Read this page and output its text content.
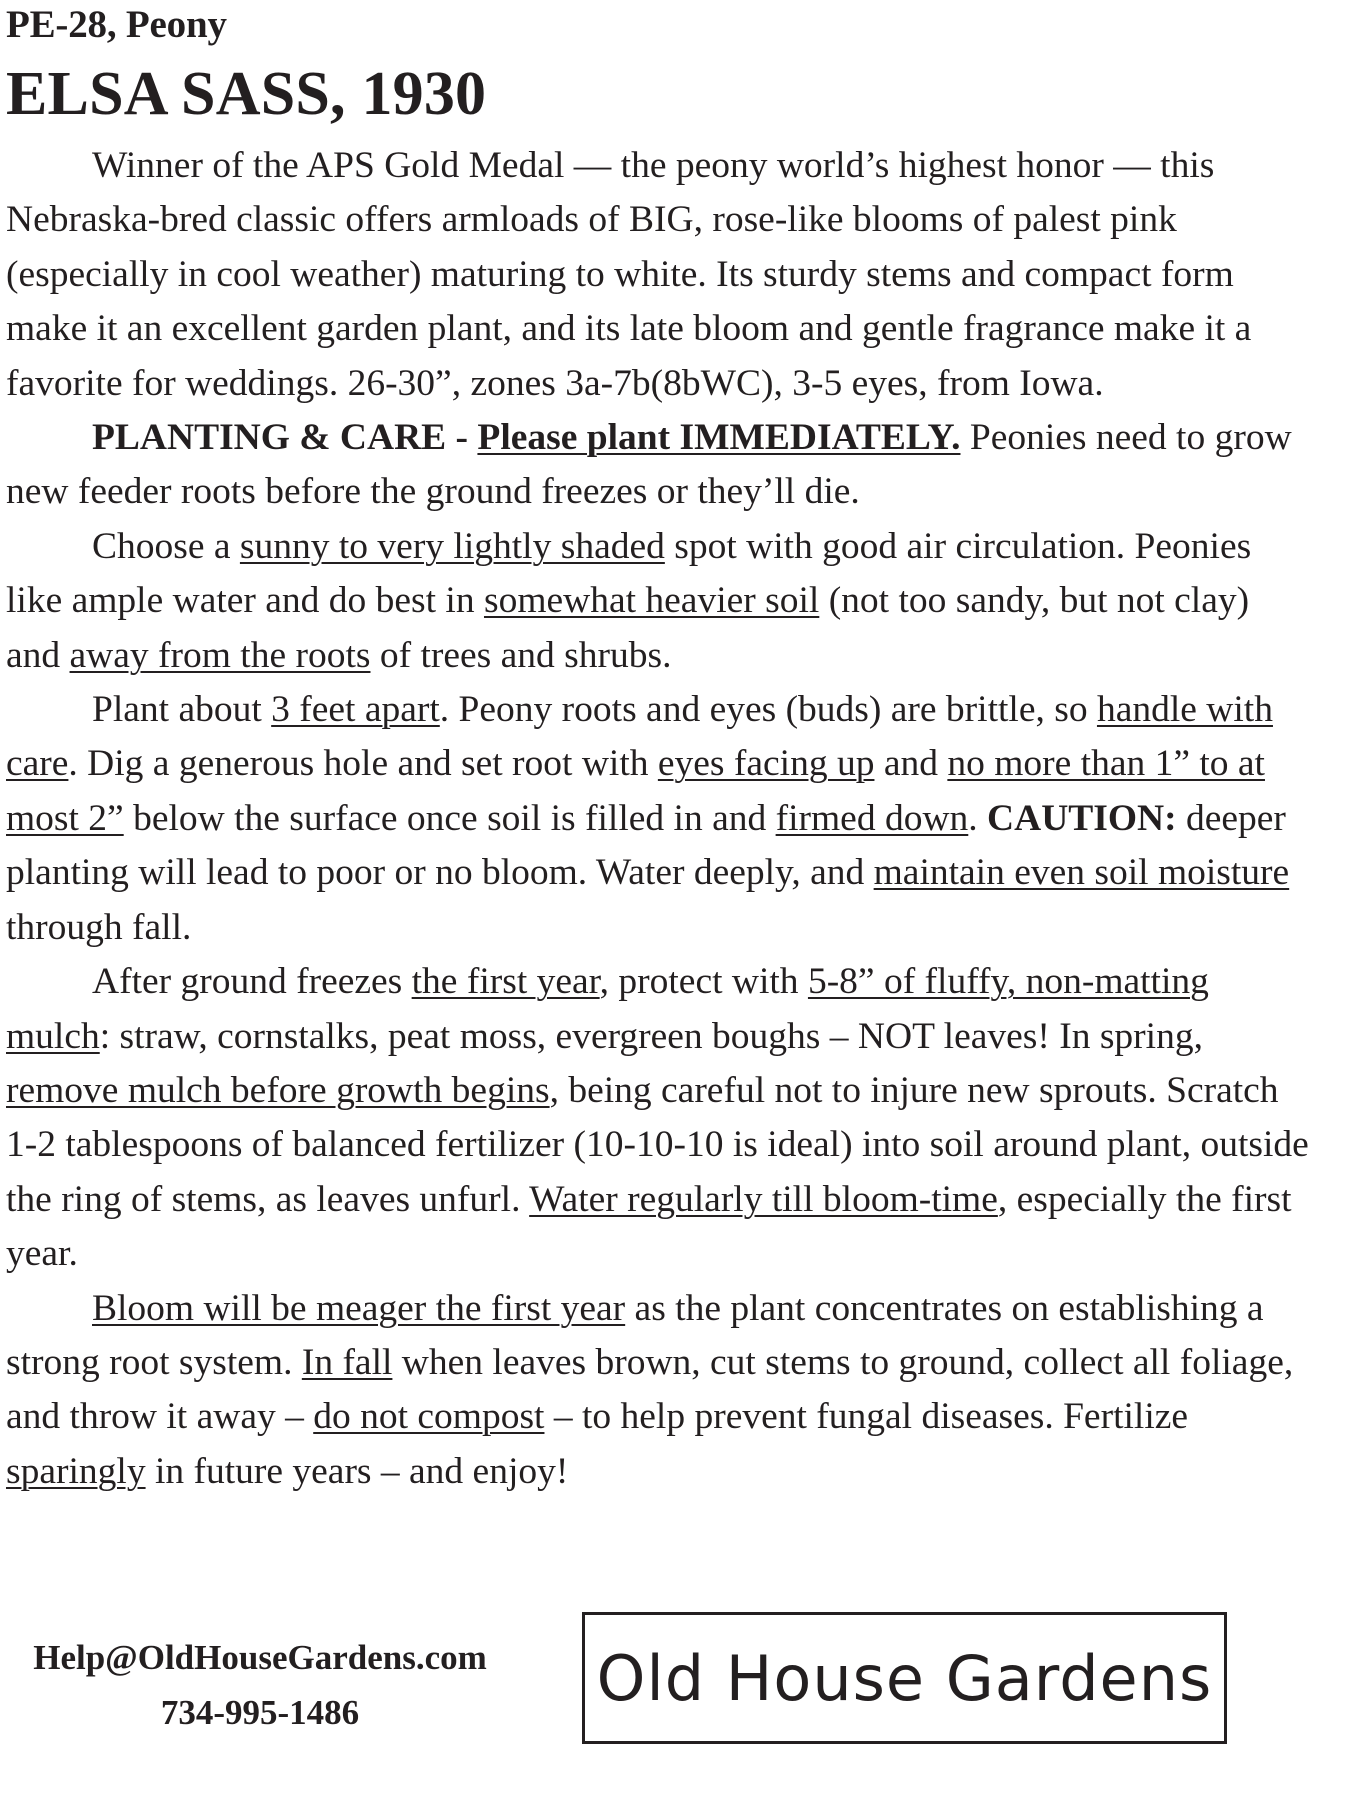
PE-28, Peony
ELSA SASS, 1930

Winner of the APS Gold Medal — the peony world’s highest honor — this Nebraska-bred classic offers armloads of BIG, rose-like blooms of palest pink (especially in cool weather) maturing to white. Its sturdy stems and compact form make it an excellent garden plant, and its late bloom and gentle fragrance make it a favorite for weddings. 26-30”, zones 3a-7b(8bWC), 3-5 eyes, from Iowa.

PLANTING & CARE - Please plant IMMEDIATELY. Peonies need to grow new feeder roots before the ground freezes or they’ll die.

Choose a sunny to very lightly shaded spot with good air circulation. Peonies like ample water and do best in somewhat heavier soil (not too sandy, but not clay) and away from the roots of trees and shrubs.

Plant about 3 feet apart. Peony roots and eyes (buds) are brittle, so handle with care. Dig a generous hole and set root with eyes facing up and no more than 1” to at most 2” below the surface once soil is filled in and firmed down. CAUTION: deeper planting will lead to poor or no bloom. Water deeply, and maintain even soil moisture through fall.

After ground freezes the first year, protect with 5-8” of fluffy, non-matting mulch: straw, cornstalks, peat moss, evergreen boughs – NOT leaves! In spring, remove mulch before growth begins, being careful not to injure new sprouts. Scratch 1-2 tablespoons of balanced fertilizer (10-10-10 is ideal) into soil around plant, outside the ring of stems, as leaves unfurl. Water regularly till bloom-time, especially the first year.

Bloom will be meager the first year as the plant concentrates on establishing a strong root system. In fall when leaves brown, cut stems to ground, collect all foliage, and throw it away – do not compost – to help prevent fungal diseases. Fertilize sparingly in future years – and enjoy!

Help@OldHouseGardens.com
734-995-1486	Old House Gardens
